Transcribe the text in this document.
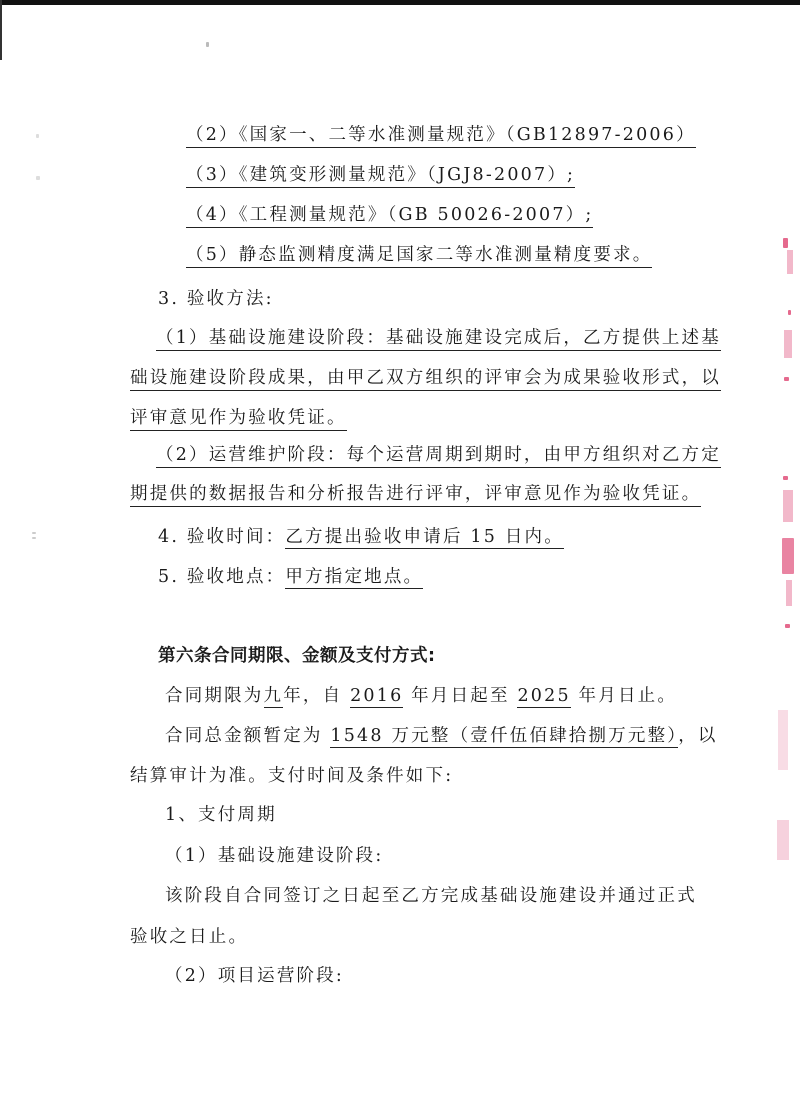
（2）《国家一、二等水准测量规范》（GB12897-2006）
（3）《建筑变形测量规范》（JGJ8-2007）;
（4）《工程测量规范》（GB 50026-2007）;
（5）静态监测精度满足国家二等水准测量精度要求。
3. 验收方法:
（1）基础设施建设阶段：基础设施建设完成后，乙方提供上述基
础设施建设阶段成果，由甲乙双方组织的评审会为成果验收形式，以
评审意见作为验收凭证。
（2）运营维护阶段：每个运营周期到期时，由甲方组织对乙方定
期提供的数据报告和分析报告进行评审，评审意见作为验收凭证。
4. 验收时间：乙方提出验收申请后 15 日内。
5. 验收地点：甲方指定地点。
第六条合同期限、金额及支付方式:
合同期限为九年，自 2016 年月日起至 2025 年月日止。
合同总金额暂定为 1548 万元整（壹仟伍佰肆拾捌万元整），以
结算审计为准。支付时间及条件如下:
1、支付周期
（1）基础设施建设阶段:
该阶段自合同签订之日起至乙方完成基础设施建设并通过正式
验收之日止。
（2）项目运营阶段:
